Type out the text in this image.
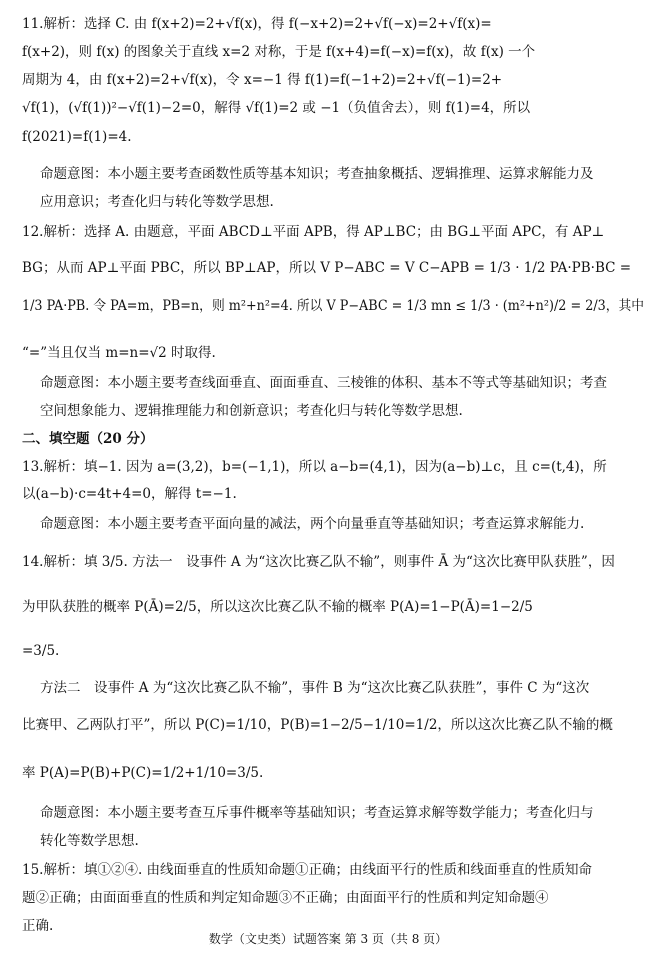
11.解析：选择 C. 由 f(x+2)=2+√f(x)，得 f(−x+2)=2+√f(−x)=2+√f(x)=
f(x+2)，则 f(x) 的图象关于直线 x=2 对称，于是 f(x+4)=f(−x)=f(x)，故 f(x) 一个
周期为 4，由 f(x+2)=2+√f(x)，令 x=−1 得 f(1)=f(−1+2)=2+√f(−1)=2+
√f(1)，(√f(1))²−√f(1)−2=0，解得 √f(1)=2 或 −1（负值舍去），则 f(1)=4，所以
f(2021)=f(1)=4.
命题意图：本小题主要考查函数性质等基本知识；考查抽象概括、逻辑推理、运算求解能力及
应用意识；考查化归与转化等数学思想.
12.解析：选择 A. 由题意，平面 ABCD⊥平面 APB，得 AP⊥BC；由 BG⊥平面 APC，有 AP⊥
BG；从而 AP⊥平面 PBC，所以 BP⊥AP，所以 V P−ABC = V C−APB = 1/3 · 1/2 PA·PB·BC =
1/3 PA·PB. 令 PA=m，PB=n，则 m²+n²=4. 所以 V P−ABC = 1/3 mn ≤ 1/3 · (m²+n²)/2 = 2/3，其中
“=”当且仅当 m=n=√2 时取得.
命题意图：本小题主要考查线面垂直、面面垂直、三棱锥的体积、基本不等式等基础知识；考查
空间想象能力、逻辑推理能力和创新意识；考查化归与转化等数学思想.
二、填空题（20 分）
13.解析：填−1. 因为 a=(3,2)，b=(−1,1)，所以 a−b=(4,1)，因为(a−b)⊥c，且 c=(t,4)，所
以(a−b)·c=4t+4=0，解得 t=−1.
命题意图：本小题主要考查平面向量的减法，两个向量垂直等基础知识；考查运算求解能力.
14.解析：填 3/5. 方法一　设事件 A 为“这次比赛乙队不输”，则事件 Ā 为“这次比赛甲队获胜”，因
为甲队获胜的概率 P(Ā)=2/5，所以这次比赛乙队不输的概率 P(A)=1−P(Ā)=1−2/5
=3/5.
方法二　设事件 A 为“这次比赛乙队不输”，事件 B 为“这次比赛乙队获胜”，事件 C 为“这次
比赛甲、乙两队打平”，所以 P(C)=1/10，P(B)=1−2/5−1/10=1/2，所以这次比赛乙队不输的概
率 P(A)=P(B)+P(C)=1/2+1/10=3/5.
命题意图：本小题主要考查互斥事件概率等基础知识；考查运算求解等数学能力；考查化归与
转化等数学思想.
15.解析：填①②④. 由线面垂直的性质知命题①正确；由线面平行的性质和线面垂直的性质知命
题②正确；由面面垂直的性质和判定知命题③不正确；由面面平行的性质和判定知命题④
正确.
数学（文史类）试题答案 第 3 页（共 8 页）
